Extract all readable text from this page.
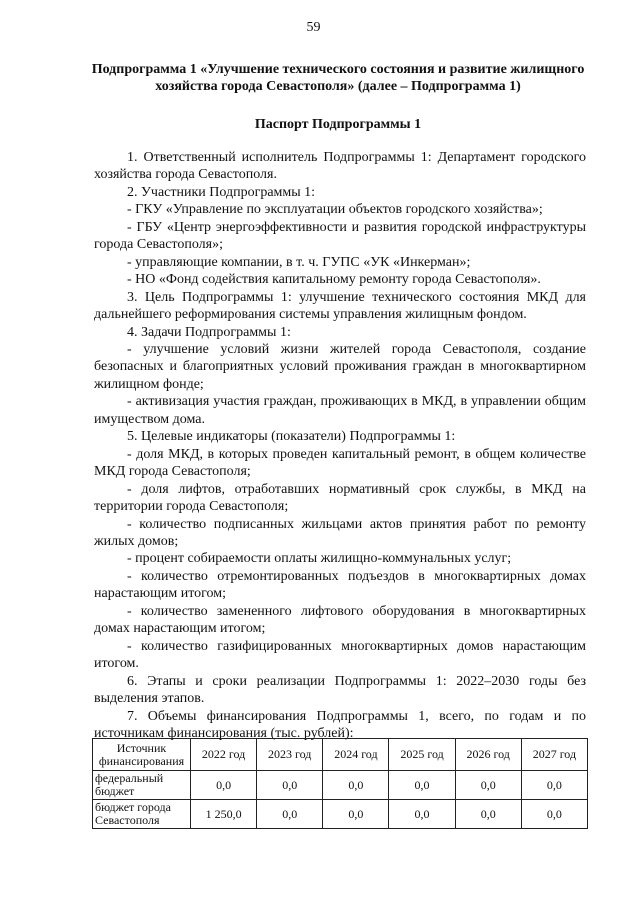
59
Подпрограмма 1 «Улучшение технического состояния и развитие жилищного хозяйства города Севастополя» (далее – Подпрограмма 1)
Паспорт Подпрограммы 1

1. Ответственный исполнитель Подпрограммы 1: Департамент городского хозяйства города Севастополя.

2. Участники Подпрограммы 1:

- ГКУ «Управление по эксплуатации объектов городского хозяйства»;

- ГБУ «Центр энергоэффективности и развития городской инфраструктуры города Севастополя»;

- управляющие компании, в т. ч. ГУПС «УК «Инкерман»;

- НО «Фонд содействия капитальному ремонту города Севастополя».

3. Цель Подпрограммы 1: улучшение технического состояния МКД для дальнейшего реформирования системы управления жилищным фондом.

4. Задачи Подпрограммы 1:

- улучшение условий жизни жителей города Севастополя, создание безопасных и благоприятных условий проживания граждан в многоквартирном жилищном фонде;

- активизация участия граждан, проживающих в МКД, в управлении общим имуществом дома.

5. Целевые индикаторы (показатели) Подпрограммы 1:

- доля МКД, в которых проведен капитальный ремонт, в общем количестве МКД города Севастополя;

- доля лифтов, отработавших нормативный срок службы, в МКД на территории города Севастополя;

- количество подписанных жильцами актов принятия работ по ремонту жилых домов;

- процент собираемости оплаты жилищно-коммунальных услуг;

- количество отремонтированных подъездов в многоквартирных домах нарастающим итогом;

- количество замененного лифтового оборудования в многоквартирных домах нарастающим итогом;

- количество газифицированных многоквартирных домов нарастающим итогом.

6. Этапы и сроки реализации Подпрограммы 1: 2022–2030 годы без выделения этапов.

7. Объемы финансирования Подпрограммы 1, всего, по годам и по источникам финансирования (тыс. рублей):

Источник финансирования	2022 год	2023 год	2024 год	2025 год	2026 год	2027 год
федеральный бюджет	0,0	0,0	0,0	0,0	0,0	0,0
бюджет города Севастополя	1 250,0	0,0	0,0	0,0	0,0	0,0
